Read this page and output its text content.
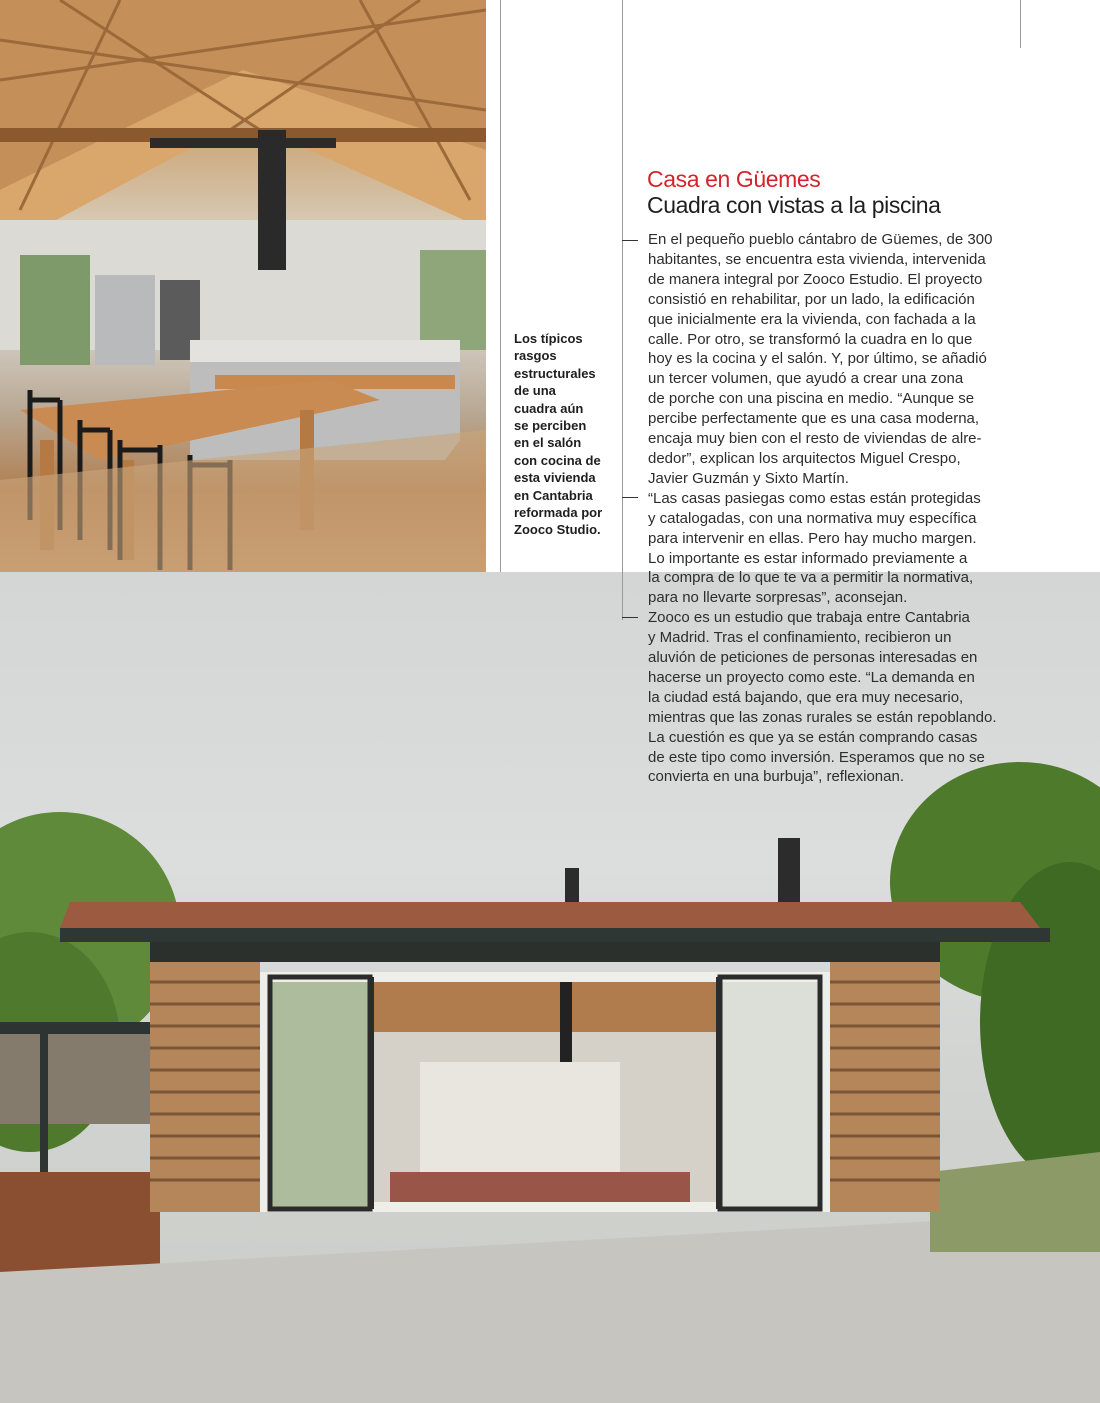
Los típicos
rasgos
estructurales
de una
cuadra aún
se perciben
en el salón
con cocina de
esta vivienda
en Cantabria
reformada por
Zooco Studio.
Casa en Güemes
Cuadra con vistas a la piscina

En el pequeño pueblo cántabro de Güemes, de 300

habitantes, se encuentra esta vivienda, intervenida

de manera integral por Zooco Estudio. El proyecto

consistió en rehabilitar, por un lado, la edificación

que inicialmente era la vivienda, con fachada a la

calle. Por otro, se transformó la cuadra en lo que

hoy es la cocina y el salón. Y, por último, se añadió

un tercer volumen, que ayudó a crear una zona

de porche con una piscina en medio. “Aunque se

percibe perfectamente que es una casa moderna,

encaja muy bien con el resto de viviendas de alre-

dedor”, explican los arquitectos Miguel Crespo,

Javier Guzmán y Sixto Martín.

“Las casas pasiegas como estas están protegidas

y catalogadas, con una normativa muy específica

para intervenir en ellas. Pero hay mucho margen.

Lo importante es estar informado previamente a

la compra de lo que te va a permitir la normativa,

para no llevarte sorpresas”, aconsejan.

Zooco es un estudio que trabaja entre Cantabria

y Madrid. Tras el confinamiento, recibieron un

aluvión de peticiones de personas interesadas en

hacerse un proyecto como este. “La demanda en

la ciudad está bajando, que era muy necesario,

mientras que las zonas rurales se están repoblando.

La cuestión es que ya se están comprando casas

de este tipo como inversión. Esperamos que no se

convierta en una burbuja”, reflexionan.
